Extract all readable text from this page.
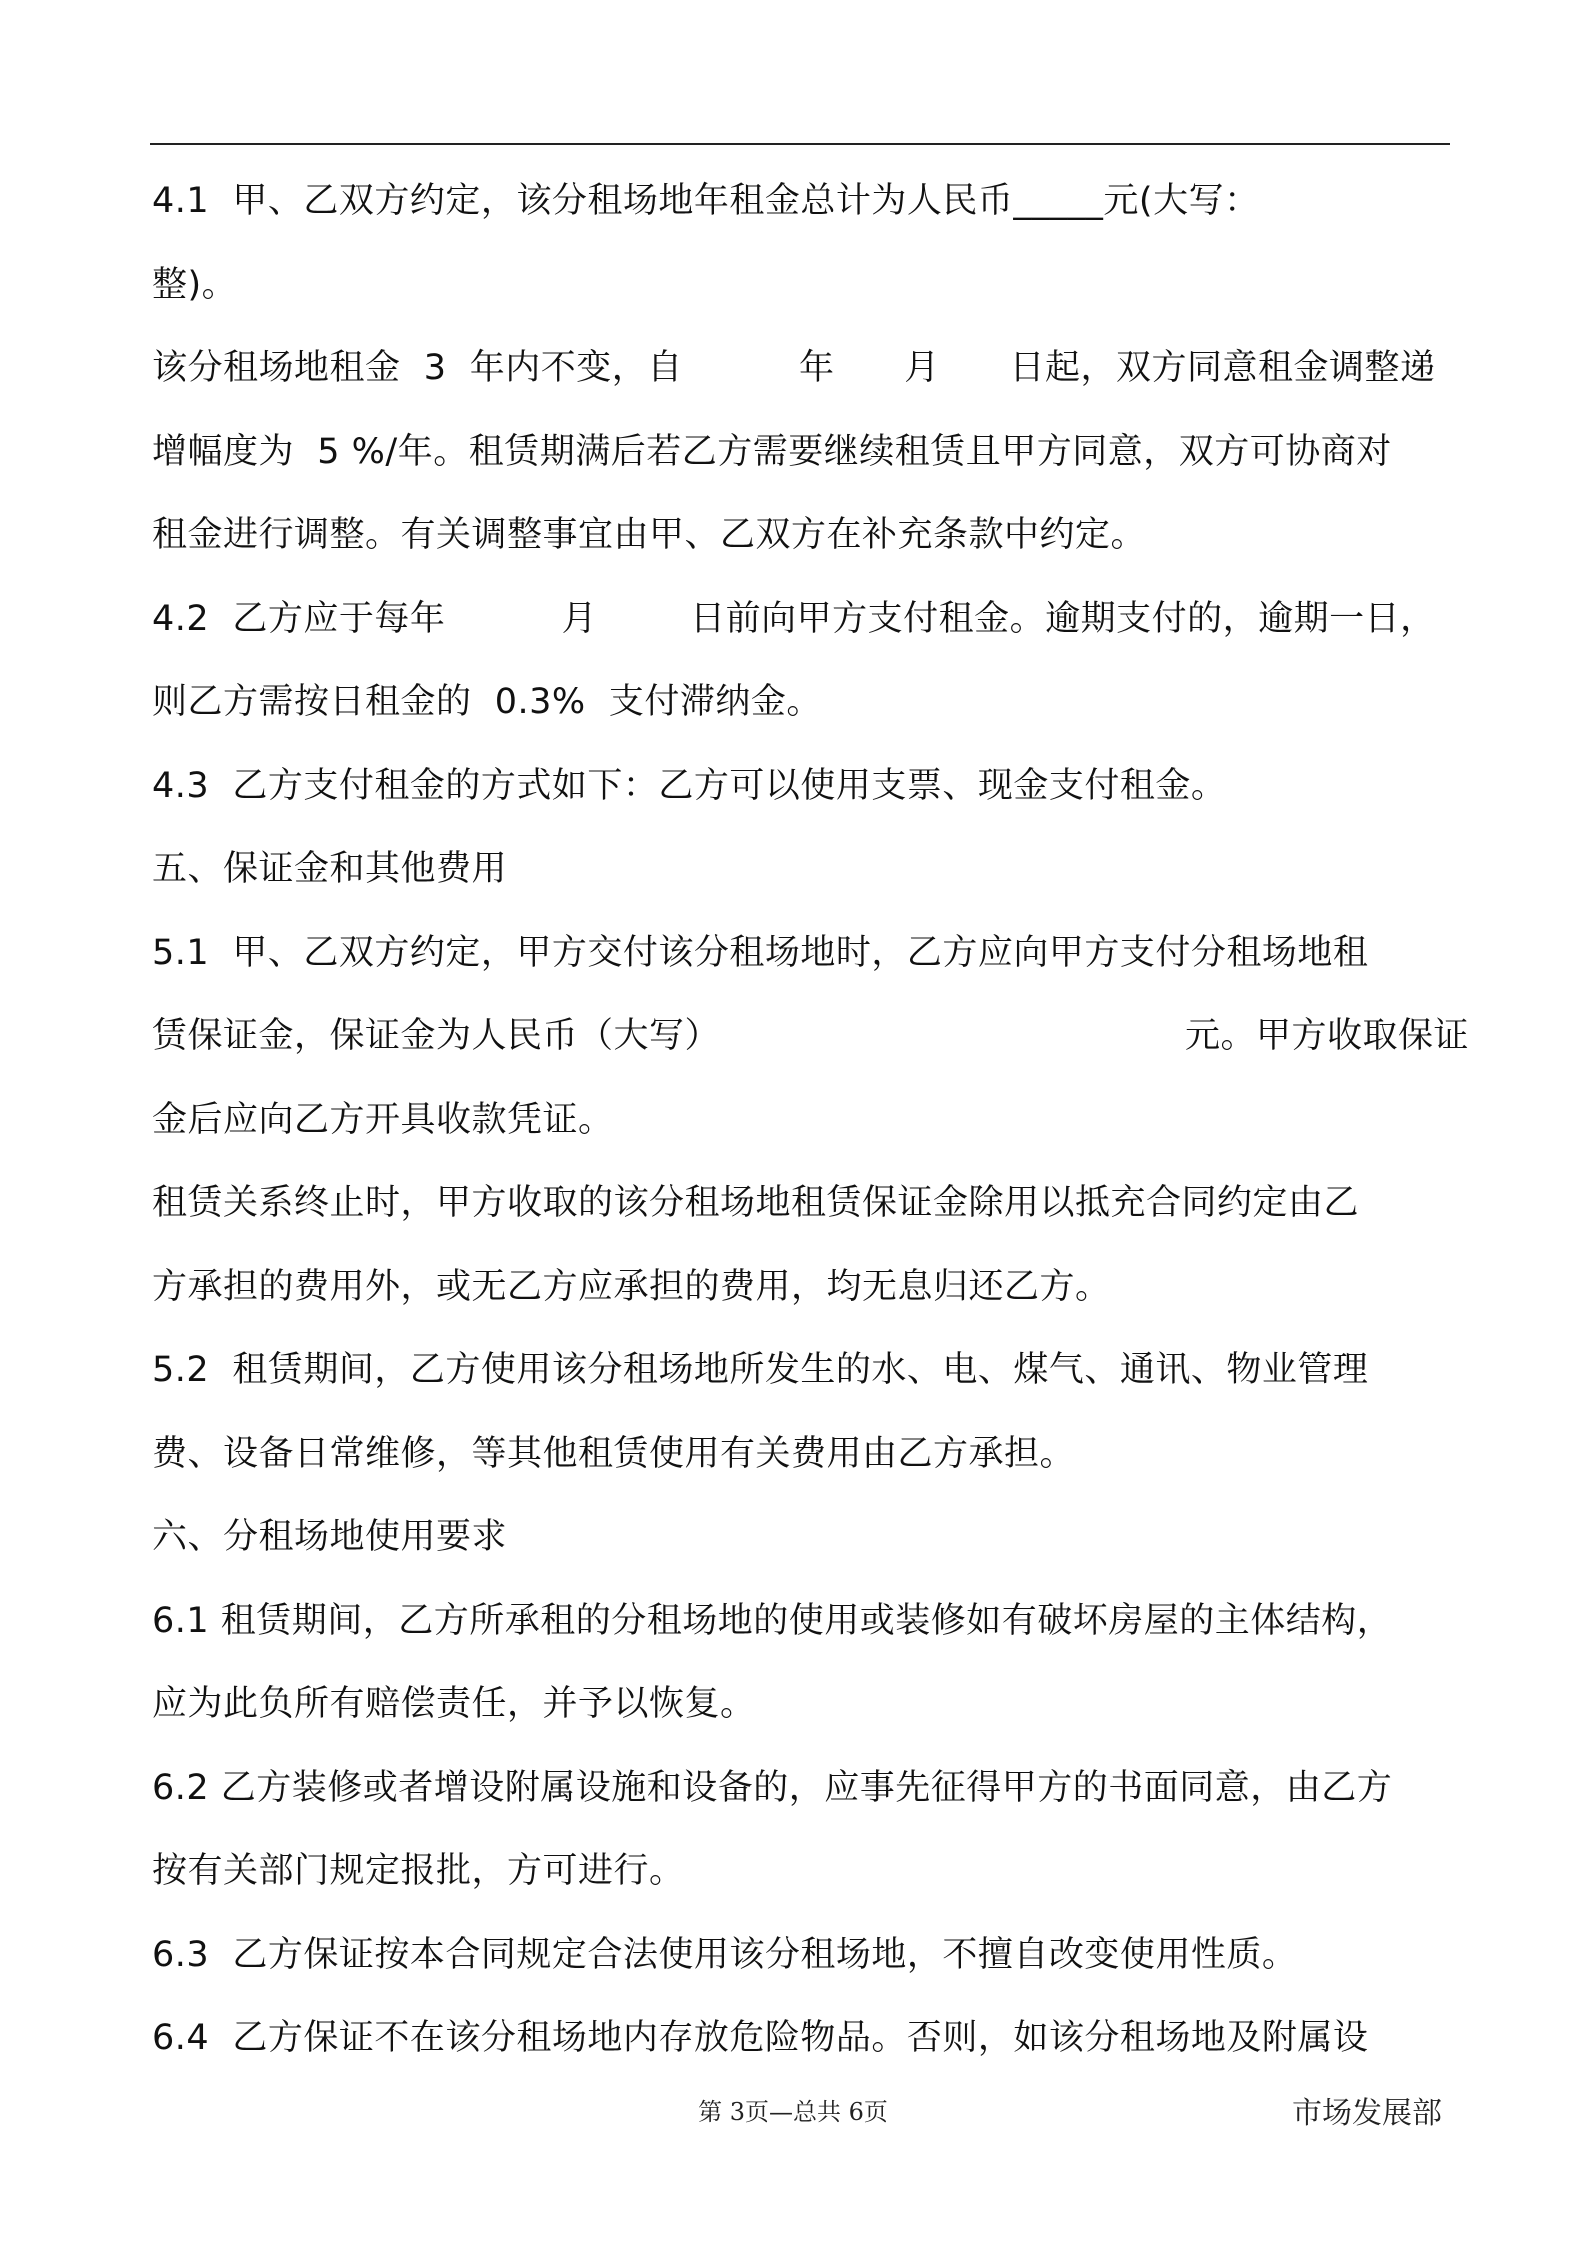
4.1  甲、乙双方约定，该分租场地年租金总计为人民币_____元(大写：
整)。
该分租场地租金  3  年内不变，自          年      月      日起，双方同意租金调整递
增幅度为  5 %/年。租赁期满后若乙方需要继续租赁且甲方同意，双方可协商对
租金进行调整。有关调整事宜由甲、乙双方在补充条款中约定。
4.2  乙方应于每年          月        日前向甲方支付租金。逾期支付的，逾期一日，
则乙方需按日租金的  0.3%  支付滞纳金。
4.3  乙方支付租金的方式如下：乙方可以使用支票、现金支付租金。
五、保证金和其他费用
5.1  甲、乙双方约定，甲方交付该分租场地时，乙方应向甲方支付分租场地租
赁保证金，保证金为人民币（大写）                                        元。甲方收取保证
金后应向乙方开具收款凭证。
租赁关系终止时，甲方收取的该分租场地租赁保证金除用以抵充合同约定由乙
方承担的费用外，或无乙方应承担的费用，均无息归还乙方。
5.2  租赁期间，乙方使用该分租场地所发生的水、电、煤气、通讯、物业管理
费、设备日常维修，等其他租赁使用有关费用由乙方承担。
六、分租场地使用要求
6.1 租赁期间，乙方所承租的分租场地的使用或装修如有破坏房屋的主体结构，
应为此负所有赔偿责任，并予以恢复。
6.2 乙方装修或者增设附属设施和设备的，应事先征得甲方的书面同意，由乙方
按有关部门规定报批，方可进行。
6.3  乙方保证按本合同规定合法使用该分租场地，不擅自改变使用性质。
6.4  乙方保证不在该分租场地内存放危险物品。否则，如该分租场地及附属设
第 3页—总共 6页	市场发展部
